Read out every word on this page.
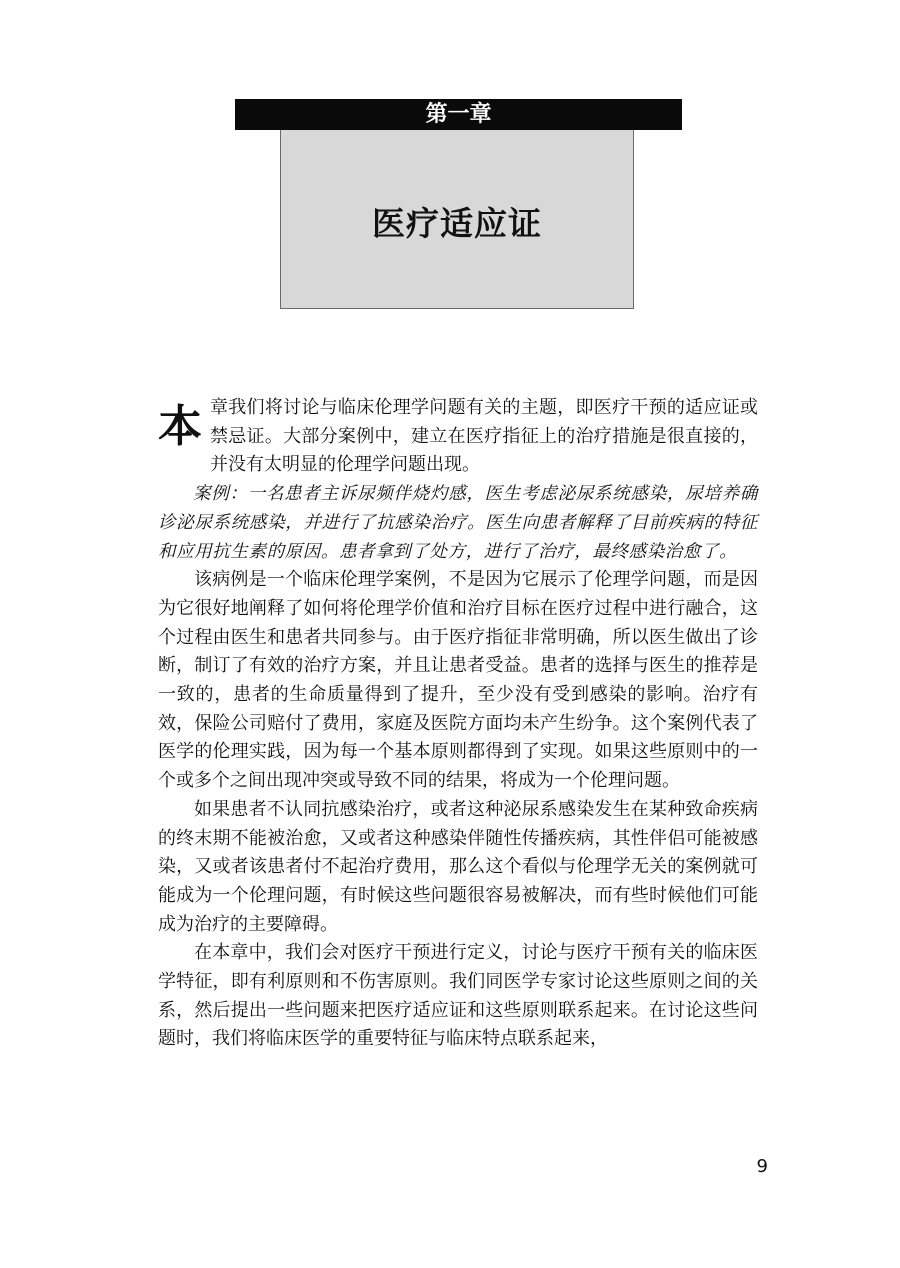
第一章
医疗适应证

本章我们将讨论与临床伦理学问题有关的主题，即医疗干预的适应证或禁忌证。大部分案例中，建立在医疗指征上的治疗措施是很直接的，并没有太明显的伦理学问题出现。

案例：一名患者主诉尿频伴烧灼感，医生考虑泌尿系统感染，尿培养确诊泌尿系统感染，并进行了抗感染治疗。医生向患者解释了目前疾病的特征和应用抗生素的原因。患者拿到了处方，进行了治疗，最终感染治愈了。

该病例是一个临床伦理学案例，不是因为它展示了伦理学问题，而是因为它很好地阐释了如何将伦理学价值和治疗目标在医疗过程中进行融合，这个过程由医生和患者共同参与。由于医疗指征非常明确，所以医生做出了诊断，制订了有效的治疗方案，并且让患者受益。患者的选择与医生的推荐是一致的，患者的生命质量得到了提升，至少没有受到感染的影响。治疗有效，保险公司赔付了费用，家庭及医院方面均未产生纷争。这个案例代表了医学的伦理实践，因为每一个基本原则都得到了实现。如果这些原则中的一个或多个之间出现冲突或导致不同的结果，将成为一个伦理问题。

如果患者不认同抗感染治疗，或者这种泌尿系感染发生在某种致命疾病的终末期不能被治愈，又或者这种感染伴随性传播疾病，其性伴侣可能被感染，又或者该患者付不起治疗费用，那么这个看似与伦理学无关的案例就可能成为一个伦理问题，有时候这些问题很容易被解决，而有些时候他们可能成为治疗的主要障碍。

在本章中，我们会对医疗干预进行定义，讨论与医疗干预有关的临床医学特征，即有利原则和不伤害原则。我们同医学专家讨论这些原则之间的关系，然后提出一些问题来把医疗适应证和这些原则联系起来。在讨论这些问题时，我们将临床医学的重要特征与临床特点联系起来，

9
